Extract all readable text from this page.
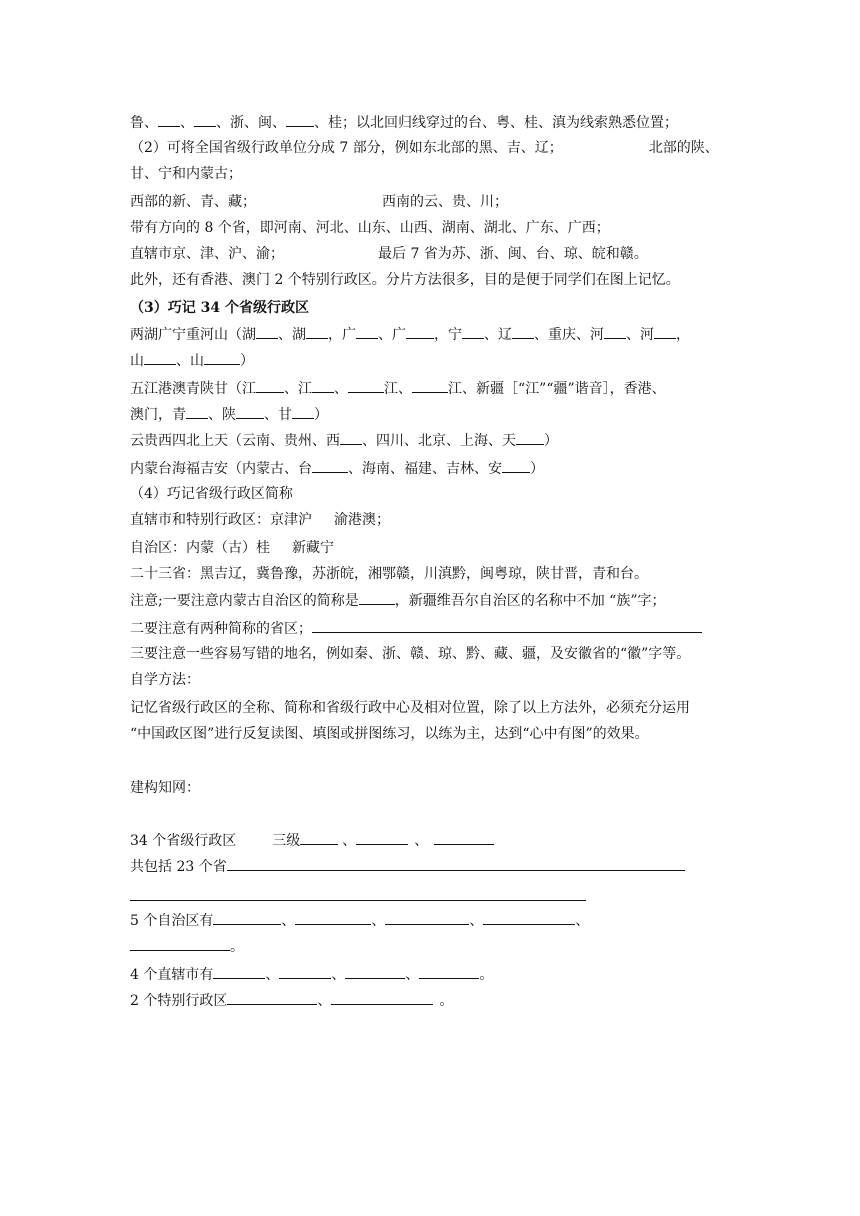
鲁、 、 、浙、闽、 、桂；以北回归线穿过的台、粤、桂、滇为线索熟悉位置；
（2）可将全国省级行政单位分成 7 部分，例如东北部的黑、吉、辽；	北部的陕、
甘、宁和内蒙古；
西部的新、青、藏；	西南的云、贵、川；
带有方向的 8 个省，即河南、河北、山东、山西、湖南、湖北、广东、广西；
直辖市京、津、沪、渝；	最后 7 省为苏、浙、闽、台、琼、皖和赣。
此外，还有香港、澳门 2 个特别行政区。分片方法很多，目的是便于同学们在图上记忆。
（3）巧记 34 个省级行政区
两湖广宁重河山（湖 、湖 ，广 、广 ，宁 、辽 、重庆、河 、河 ，
山 、山	）
五江港澳青陕甘（江 、江 、	江、	江、新疆［“江”“疆”谐音］，香港、
澳门，青 、陕 、甘 ）
云贵西四北上天（云南、贵州、西 、四川、北京、上海、天 ）
内蒙台海福吉安（内蒙古、台	、海南、福建、吉林、安 ）
（4）巧记省级行政区简称
直辖市和特别行政区：京津沪 渝港澳；
自治区：内蒙（古）桂 新藏宁
二十三省：黑吉辽，冀鲁豫，苏浙皖，湘鄂赣，川滇黔，闽粤琼，陕甘晋，青和台。
注意;一要注意内蒙古自治区的简称是	，新疆维吾尔自治区的名称中不加 “族”字；
二要注意有两种简称的省区；
三要注意一些容易写错的地名，例如秦、浙、赣、琼、黔、藏、疆，及安徽省的“徽”字等。
自学方法：
记忆省级行政区的全称、简称和省级行政中心及相对位置，除了以上方法外，必须充分运用
“中国政区图”进行反复读图、填图或拼图练习，以练为主，达到“心中有图”的效果。
建构知网：
34 个省级行政区	三级	、	、
共包括 23 个省
5 个自治区有	、	、	、	、
。
4 个直辖市有	、	、	、	。
2 个特别行政区	、	。
